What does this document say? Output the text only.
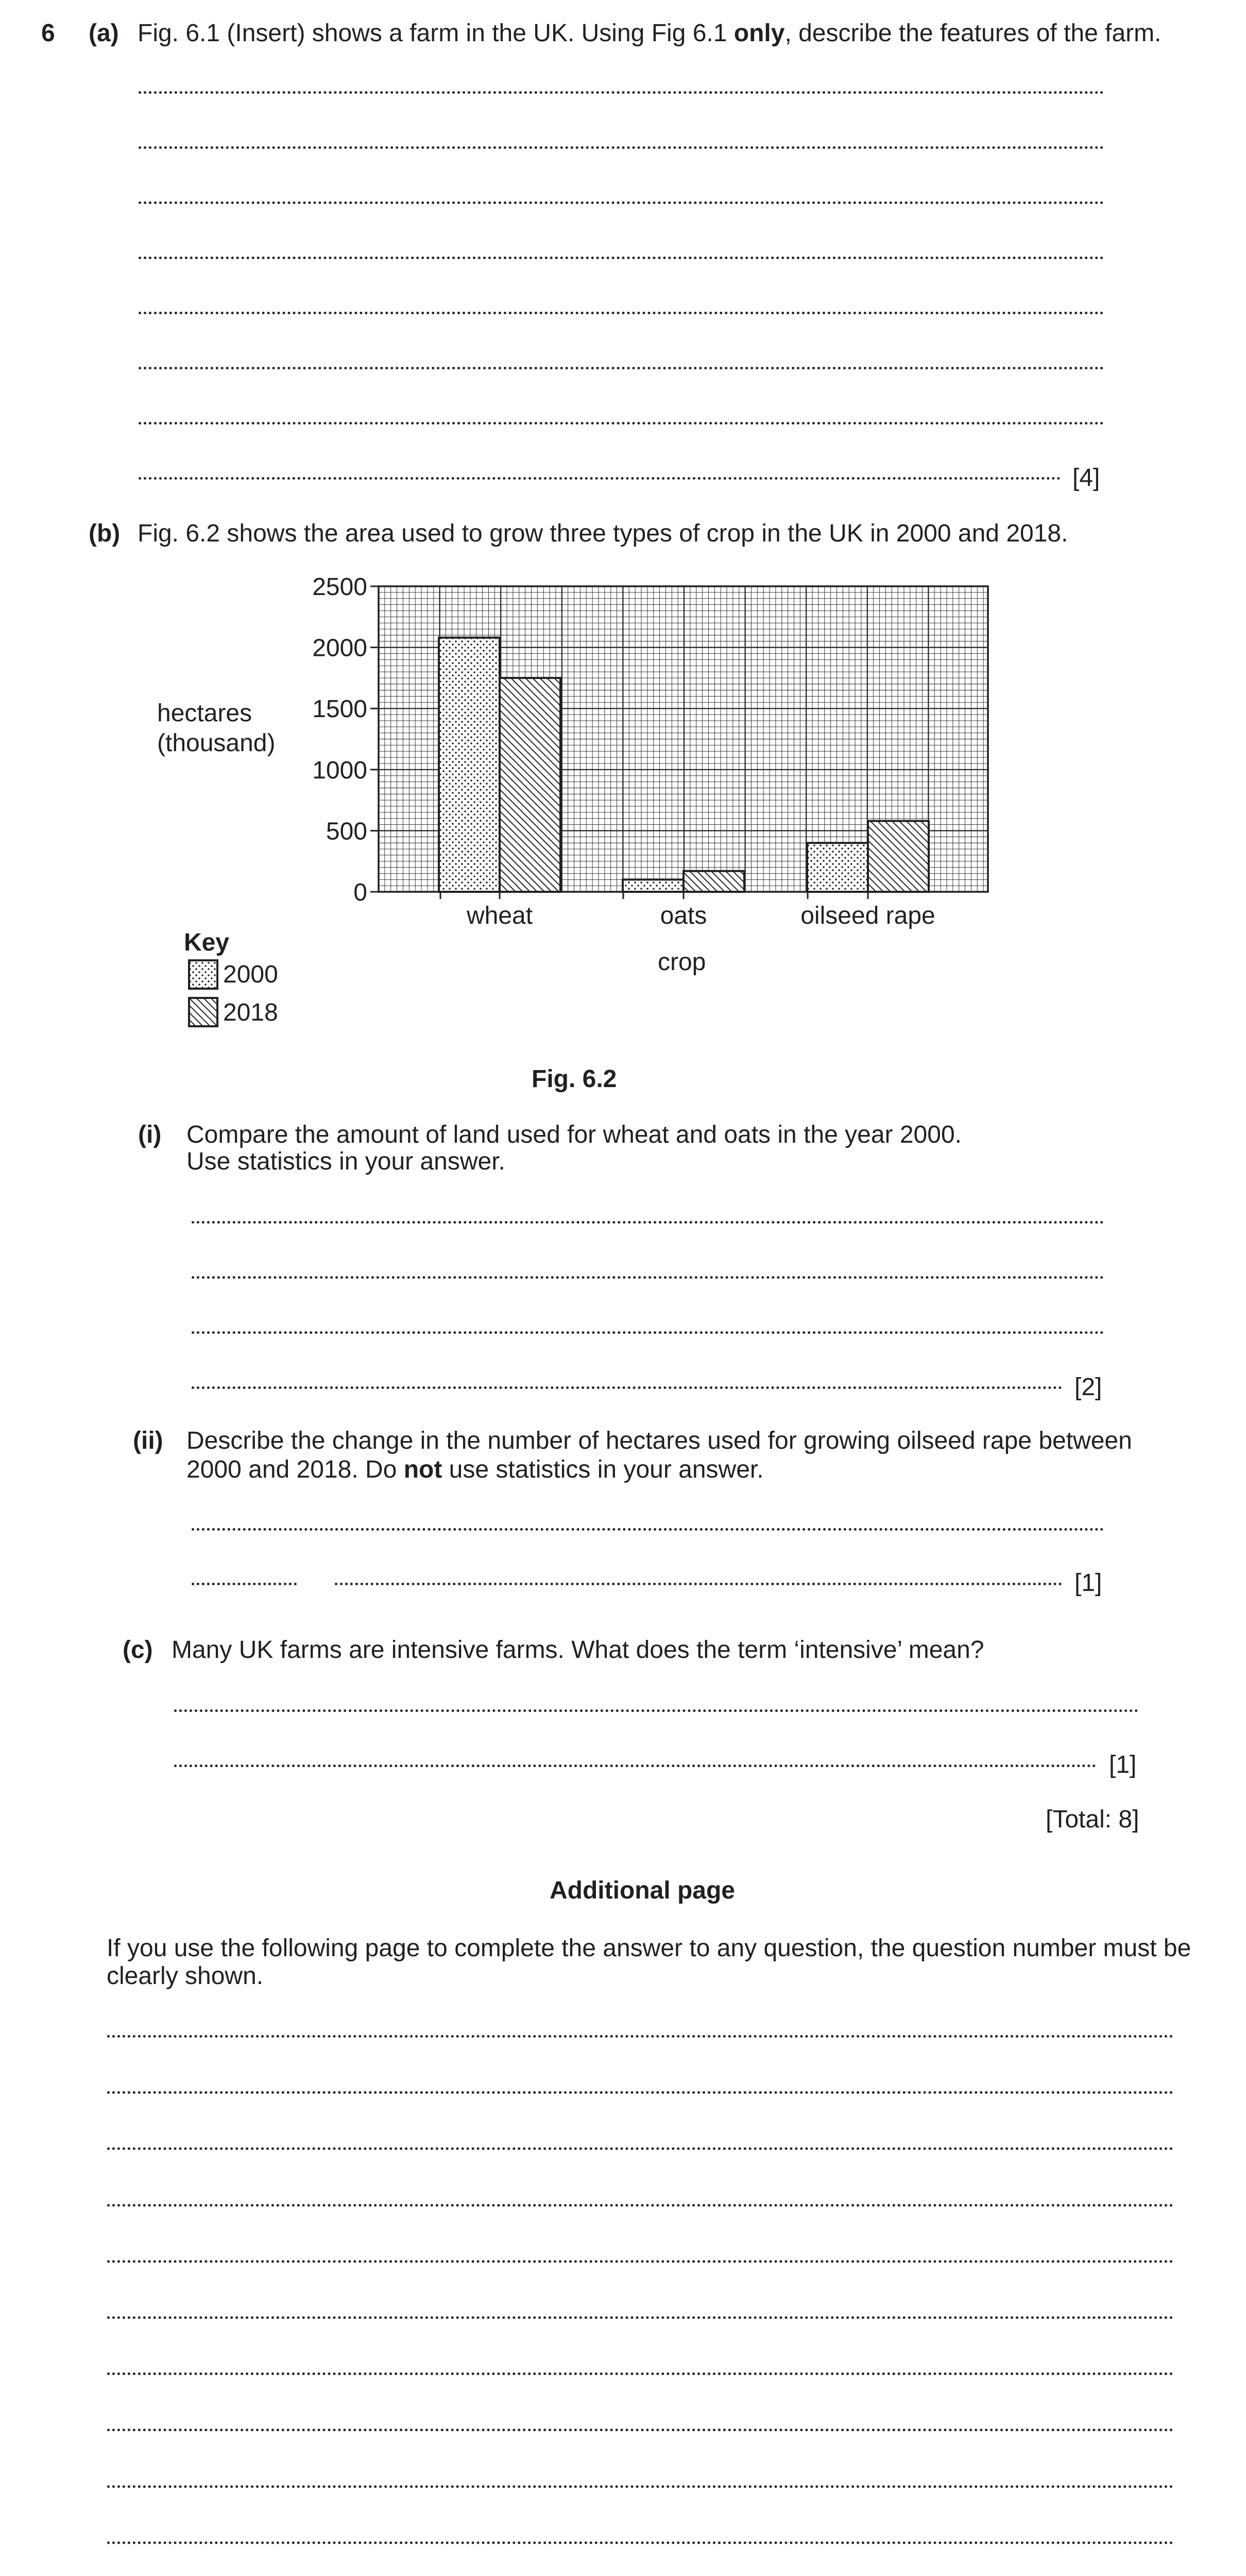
6 (a) Fig. 6.1 (Insert) shows a farm in the UK. Using Fig 6.1 only, describe the features of the farm.
[4]
(b) Fig. 6.2 shows the area used to grow three types of crop in the UK in 2000 and 2018.
wheat	oats	oilseed rape
0
500
1000
1500
2000
2500
hectares
(thousand)
crop
Key
2000
2018
Fig. 6.2
(i) Compare the amount of land used for wheat and oats in the year 2000.
Use statistics in your answer.
[2]
(ii) Describe the change in the number of hectares used for growing oilseed rape between
2000 and 2018. Do not use statistics in your answer.
[1]
(c) Many UK farms are intensive farms. What does the term ‘intensive’ mean?
[1]
[Total: 8]
Additional page
If you use the following page to complete the answer to any question, the question number must be
clearly shown.
